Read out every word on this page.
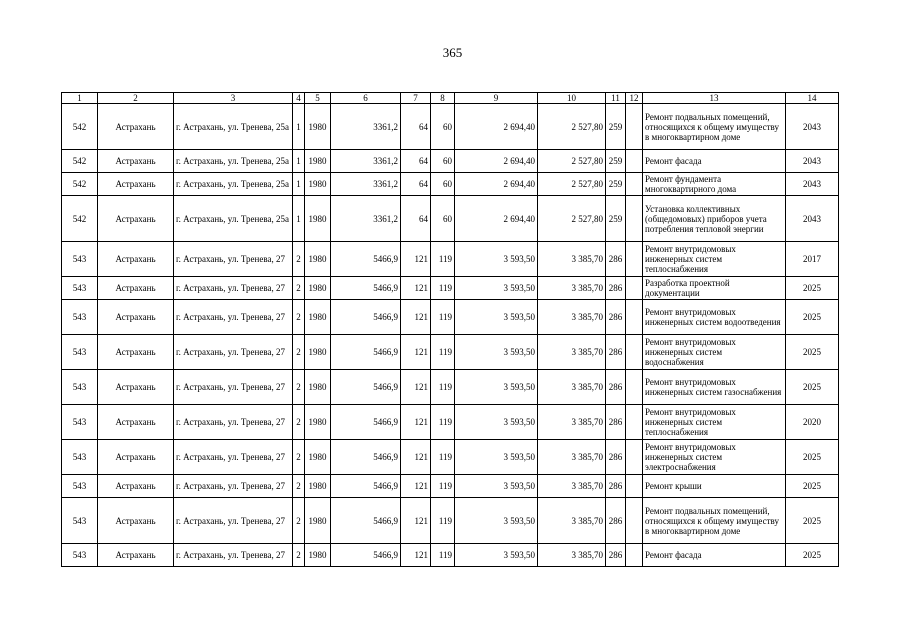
365
1	2	3	4	5	6	7	8	9	10	11	12	13	14
542	Астрахань	г. Астрахань, ул. Тренева, 25а	1	1980	3361,2	64	60	2 694,40	2 527,80	259		Ремонт подвальных помещений, относящихся к общему имуществу в многоквартирном доме	2043
542	Астрахань	г. Астрахань, ул. Тренева, 25а	1	1980	3361,2	64	60	2 694,40	2 527,80	259		Ремонт фасада	2043
542	Астрахань	г. Астрахань, ул. Тренева, 25а	1	1980	3361,2	64	60	2 694,40	2 527,80	259		Ремонт фундамента многоквартирного дома	2043
542	Астрахань	г. Астрахань, ул. Тренева, 25а	1	1980	3361,2	64	60	2 694,40	2 527,80	259		Установка коллективных (общедомовых) приборов учета потребления тепловой энергии	2043
543	Астрахань	г. Астрахань, ул. Тренева, 27	2	1980	5466,9	121	119	3 593,50	3 385,70	286		Ремонт внутридомовых инженерных систем теплоснабжения	2017
543	Астрахань	г. Астрахань, ул. Тренева, 27	2	1980	5466,9	121	119	3 593,50	3 385,70	286		Разработка проектной документации	2025
543	Астрахань	г. Астрахань, ул. Тренева, 27	2	1980	5466,9	121	119	3 593,50	3 385,70	286		Ремонт внутридомовых инженерных систем водоотведения	2025
543	Астрахань	г. Астрахань, ул. Тренева, 27	2	1980	5466,9	121	119	3 593,50	3 385,70	286		Ремонт внутридомовых инженерных систем водоснабжения	2025
543	Астрахань	г. Астрахань, ул. Тренева, 27	2	1980	5466,9	121	119	3 593,50	3 385,70	286		Ремонт внутридомовых инженерных систем газоснабжения	2025
543	Астрахань	г. Астрахань, ул. Тренева, 27	2	1980	5466,9	121	119	3 593,50	3 385,70	286		Ремонт внутридомовых инженерных систем теплоснабжения	2020
543	Астрахань	г. Астрахань, ул. Тренева, 27	2	1980	5466,9	121	119	3 593,50	3 385,70	286		Ремонт внутридомовых инженерных систем электроснабжения	2025
543	Астрахань	г. Астрахань, ул. Тренева, 27	2	1980	5466,9	121	119	3 593,50	3 385,70	286		Ремонт крыши	2025
543	Астрахань	г. Астрахань, ул. Тренева, 27	2	1980	5466,9	121	119	3 593,50	3 385,70	286		Ремонт подвальных помещений, относящихся к общему имуществу в многоквартирном доме	2025
543	Астрахань	г. Астрахань, ул. Тренева, 27	2	1980	5466,9	121	119	3 593,50	3 385,70	286		Ремонт фасада	2025
